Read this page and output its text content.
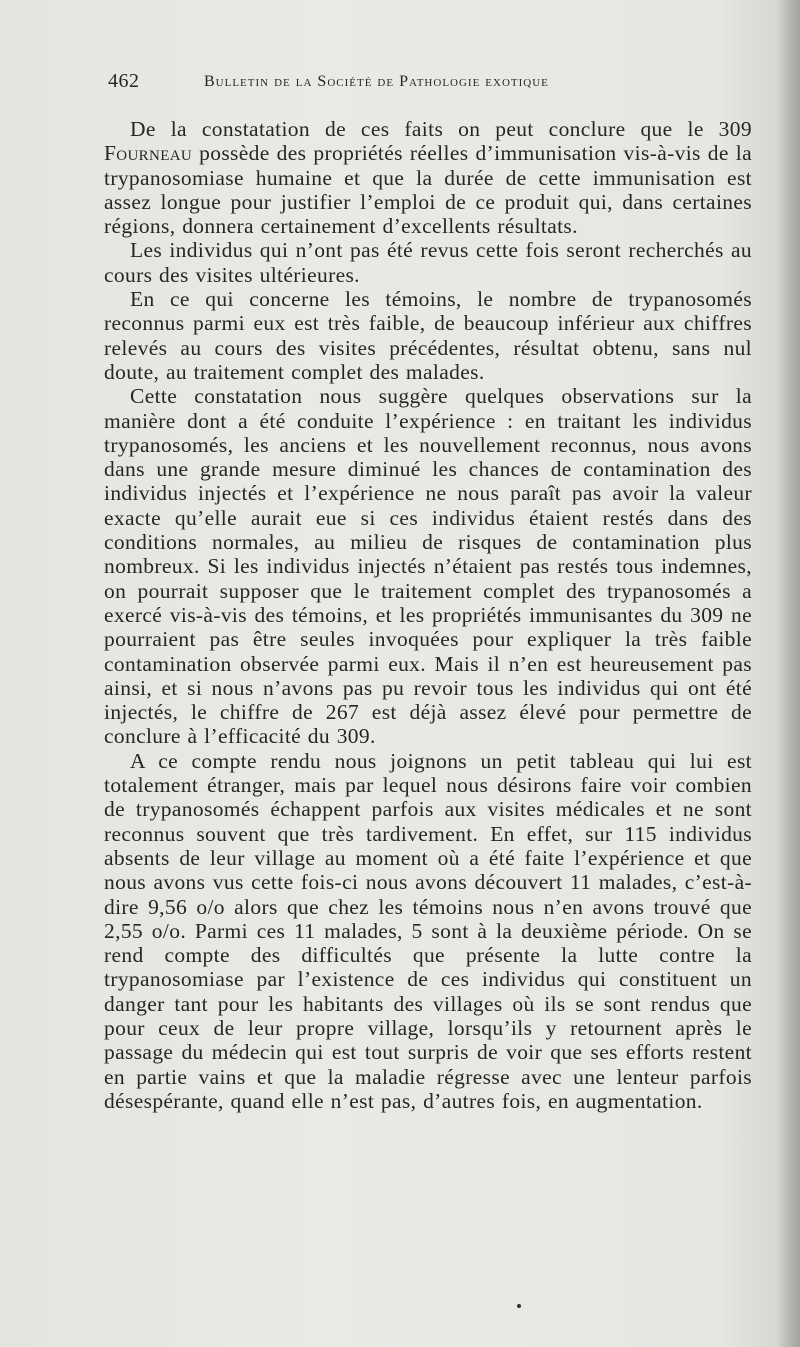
462	Bulletin de la Société de Pathologie exotique

De la constatation de ces faits on peut conclure que le 309 Fourneau possède des propriétés réelles d’immunisation vis-à-vis de la trypanosomiase humaine et que la durée de cette immunisation est assez longue pour justifier l’emploi de ce produit qui, dans certaines régions, donnera certainement d’excellents résultats.

Les individus qui n’ont pas été revus cette fois seront recherchés au cours des visites ultérieures.

En ce qui concerne les témoins, le nombre de trypanosomés reconnus parmi eux est très faible, de beaucoup inférieur aux chiffres relevés au cours des visites précédentes, résultat obtenu, sans nul doute, au traitement complet des malades.

Cette constatation nous suggère quelques observations sur la manière dont a été conduite l’expérience : en traitant les individus trypanosomés, les anciens et les nouvellement reconnus, nous avons dans une grande mesure diminué les chances de contamination des individus injectés et l’expérience ne nous paraît pas avoir la valeur exacte qu’elle aurait eue si ces individus étaient restés dans des conditions normales, au milieu de risques de contamination plus nombreux. Si les individus injectés n’étaient pas restés tous indemnes, on pourrait supposer que le traitement complet des trypanosomés a exercé vis-à-vis des témoins, et les propriétés immunisantes du 309 ne pourraient pas être seules invoquées pour expliquer la très faible contamination observée parmi eux. Mais il n’en est heureusement pas ainsi, et si nous n’avons pas pu revoir tous les individus qui ont été injectés, le chiffre de 267 est déjà assez élevé pour permettre de conclure à l’efficacité du 309.

A ce compte rendu nous joignons un petit tableau qui lui est totalement étranger, mais par lequel nous désirons faire voir combien de trypanosomés échappent parfois aux visites médicales et ne sont reconnus souvent que très tardivement. En effet, sur 115 individus absents de leur village au moment où a été faite l’expérience et que nous avons vus cette fois-ci nous avons découvert 11 malades, c’est-à-dire 9,56 o/o alors que chez les témoins nous n’en avons trouvé que 2,55 o/o. Parmi ces 11 malades, 5 sont à la deuxième période. On se rend compte des difficultés que présente la lutte contre la trypanosomiase par l’existence de ces individus qui constituent un danger tant pour les habitants des villages où ils se sont rendus que pour ceux de leur propre village, lorsqu’ils y retournent après le passage du médecin qui est tout surpris de voir que ses efforts restent en partie vains et que la maladie régresse avec une lenteur parfois désespérante, quand elle n’est pas, d’autres fois, en augmentation.
